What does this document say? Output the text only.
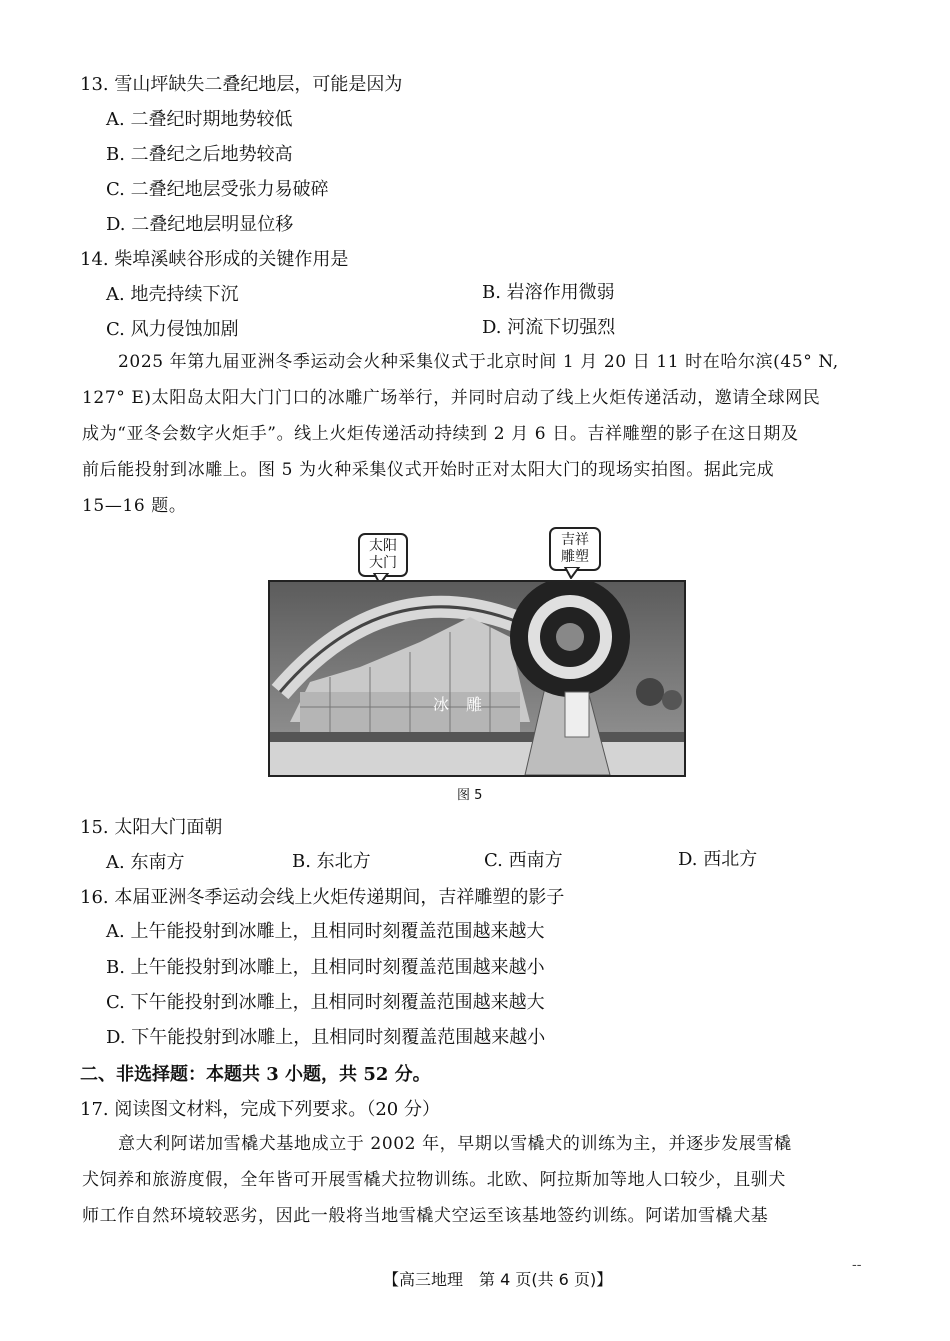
13. 雪山坪缺失二叠纪地层，可能是因为
A. 二叠纪时期地势较低
B. 二叠纪之后地势较高
C. 二叠纪地层受张力易破碎
D. 二叠纪地层明显位移
14. 柴埠溪峡谷形成的关键作用是
A. 地壳持续下沉	B. 岩溶作用微弱
C. 风力侵蚀加剧	D. 河流下切强烈
2025 年第九届亚洲冬季运动会火种采集仪式于北京时间 1 月 20 日 11 时在哈尔滨(45° N,
127° E)太阳岛太阳大门门口的冰雕广场举行，并同时启动了线上火炬传递活动，邀请全球网民
成为“亚冬会数字火炬手”。线上火炬传递活动持续到 2 月 6 日。吉祥雕塑的影子在这日期及
前后能投射到冰雕上。图 5 为火种采集仪式开始时正对太阳大门的现场实拍图。据此完成
15—16 题。
太阳
大门
吉祥
雕塑
冰 雕
图 5
15. 太阳大门面朝
A. 东南方	B. 东北方	C. 西南方	D. 西北方
16. 本届亚洲冬季运动会线上火炬传递期间，吉祥雕塑的影子
A. 上午能投射到冰雕上，且相同时刻覆盖范围越来越大
B. 上午能投射到冰雕上，且相同时刻覆盖范围越来越小
C. 下午能投射到冰雕上，且相同时刻覆盖范围越来越大
D. 下午能投射到冰雕上，且相同时刻覆盖范围越来越小
二、非选择题：本题共 3 小题，共 52 分。
17. 阅读图文材料，完成下列要求。（20 分）
意大利阿诺加雪橇犬基地成立于 2002 年，早期以雪橇犬的训练为主，并逐步发展雪橇
犬饲养和旅游度假，全年皆可开展雪橇犬拉物训练。北欧、阿拉斯加等地人口较少，且驯犬
师工作自然环境较恶劣，因此一般将当地雪橇犬空运至该基地签约训练。阿诺加雪橇犬基
【高三地理　第 4 页(共 6 页)】
--
